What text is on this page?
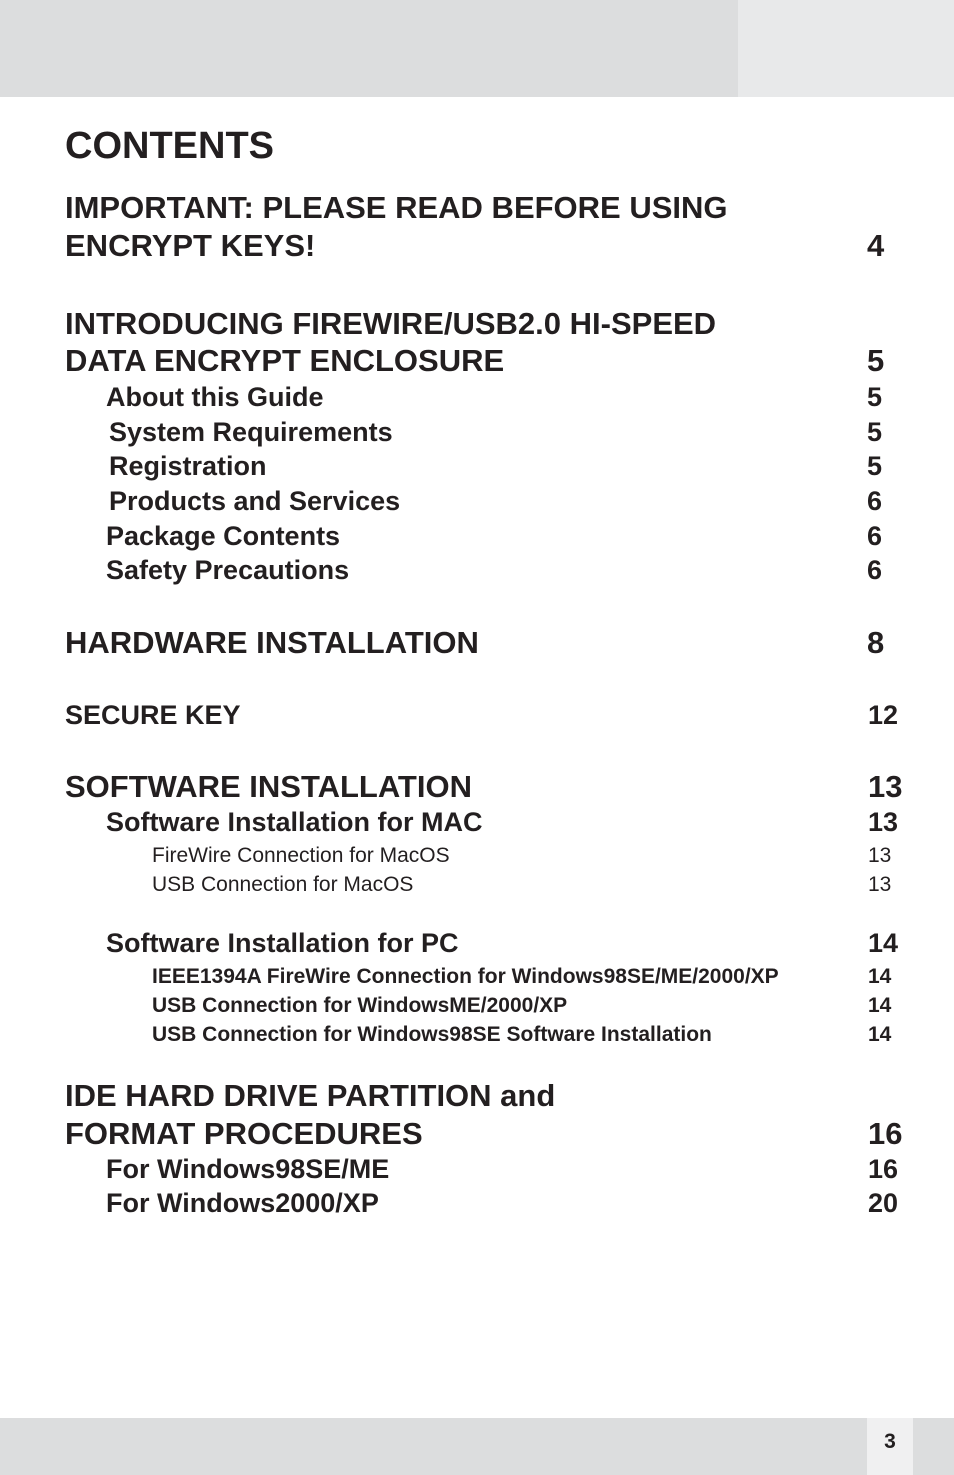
CONTENTS
IMPORTANT: PLEASE READ BEFORE USING
ENCRYPT KEYS!	4
INTRODUCING FIREWIRE/USB2.0 HI-SPEED
DATA ENCRYPT ENCLOSURE	5
About this Guide	5
System Requirements	5
Registration	5
Products and Services	6
Package Contents	6
Safety Precautions	6
HARDWARE INSTALLATION	8
SECURE KEY	12
SOFTWARE INSTALLATION	13
Software Installation for MAC	13
FireWire Connection for MacOS	13
USB Connection for MacOS	13
Software Installation for PC	14
IEEE1394A FireWire Connection for Windows98SE/ME/2000/XP	14
USB Connection for WindowsME/2000/XP	14
USB Connection for Windows98SE Software Installation	14
IDE HARD DRIVE PARTITION and
FORMAT PROCEDURES	16
For Windows98SE/ME	16
For Windows2000/XP	20
3
